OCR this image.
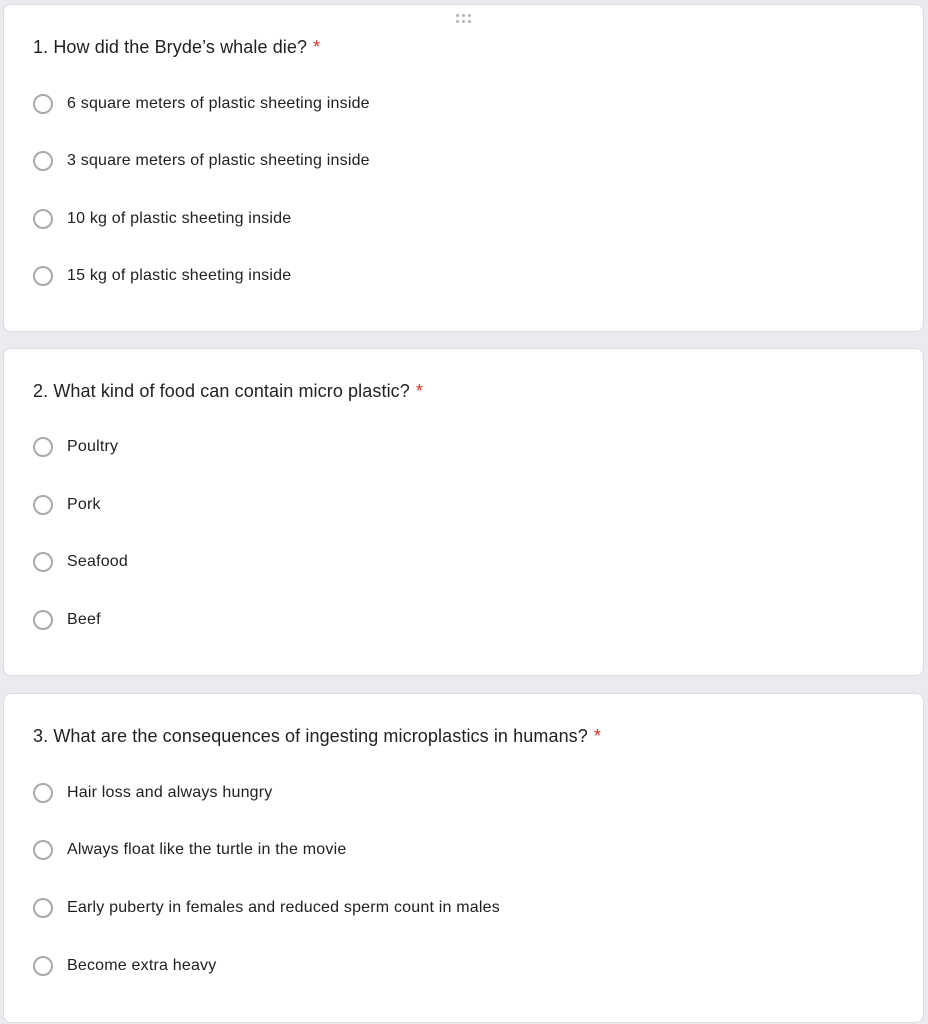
1. How did the Bryde’s whale die? *
6 square meters of plastic sheeting inside
3 square meters of plastic sheeting inside
10 kg of plastic sheeting inside
15 kg of plastic sheeting inside
2. What kind of food can contain micro plastic? *
Poultry
Pork
Seafood
Beef
3. What are the consequences of ingesting microplastics in humans? *
Hair loss and always hungry
Always float like the turtle in the movie
Early puberty in females and reduced sperm count in males
Become extra heavy
